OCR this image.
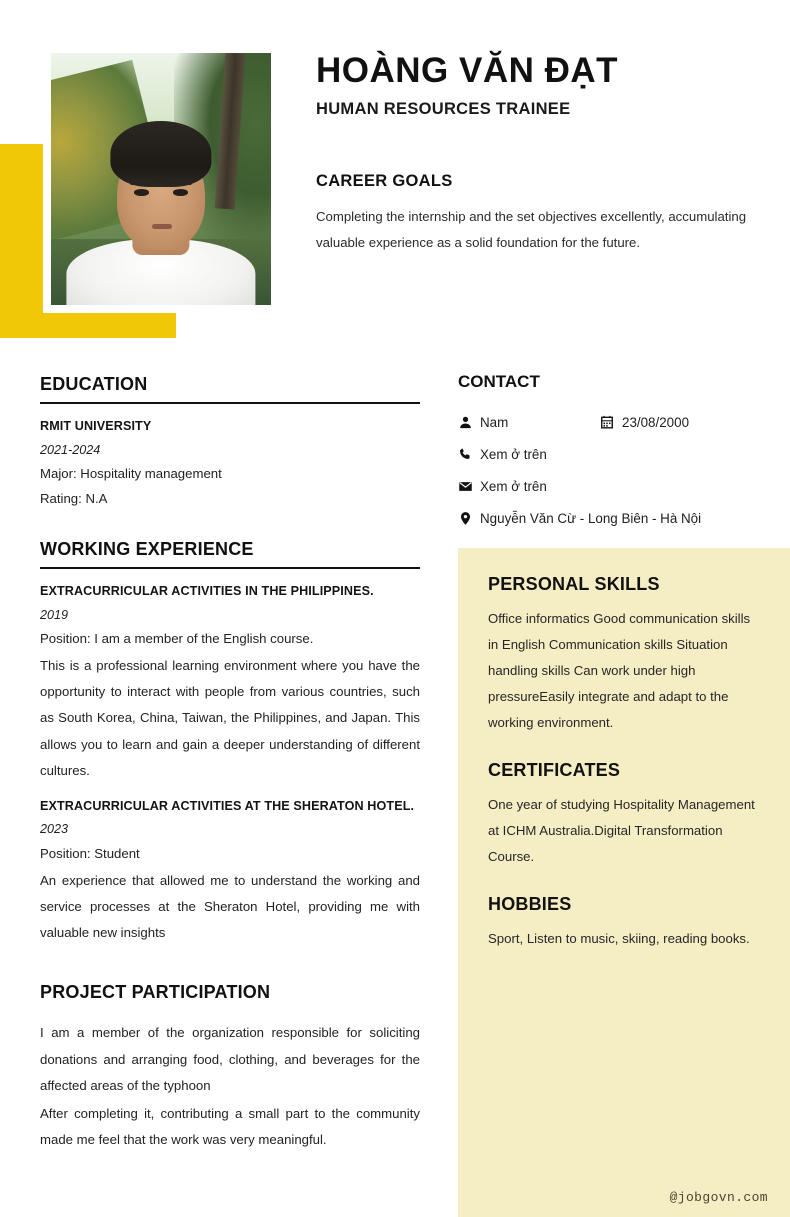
HOÀNG VĂN ĐẠT
HUMAN RESOURCES TRAINEE
CAREER GOALS
Completing the internship and the set objectives excellently, accumulating valuable experience as a solid foundation for the future.
EDUCATION
RMIT UNIVERSITY
2021-2024
Major: Hospitality management
Rating: N.A
WORKING EXPERIENCE
EXTRACURRICULAR ACTIVITIES IN THE PHILIPPINES.
2019
Position: I am a member of the English course.
This is a professional learning environment where you have the opportunity to interact with people from various countries, such as South Korea, China, Taiwan, the Philippines, and Japan. This allows you to learn and gain a deeper understanding of different cultures.
EXTRACURRICULAR ACTIVITIES AT THE SHERATON HOTEL.
2023
Position: Student
An experience that allowed me to understand the working and service processes at the Sheraton Hotel, providing me with valuable new insights
PROJECT PARTICIPATION
I am a member of the organization responsible for soliciting donations and arranging food, clothing, and beverages for the affected areas of the typhoon
After completing it, contributing a small part to the community made me feel that the work was very meaningful.
CONTACT
Nam	23/08/2000
Xem ở trên
Xem ở trên
Nguyễn Văn Cừ - Long Biên - Hà Nội
PERSONAL SKILLS
Office informatics Good communication skills in English Communication skills Situation handling skills Can work under high pressureEasily integrate and adapt to the working environment.
CERTIFICATES
One year of studying Hospitality Management at ICHM Australia.Digital Transformation Course.
HOBBIES
Sport, Listen to music, skiing, reading books.
@jobgovn.com
